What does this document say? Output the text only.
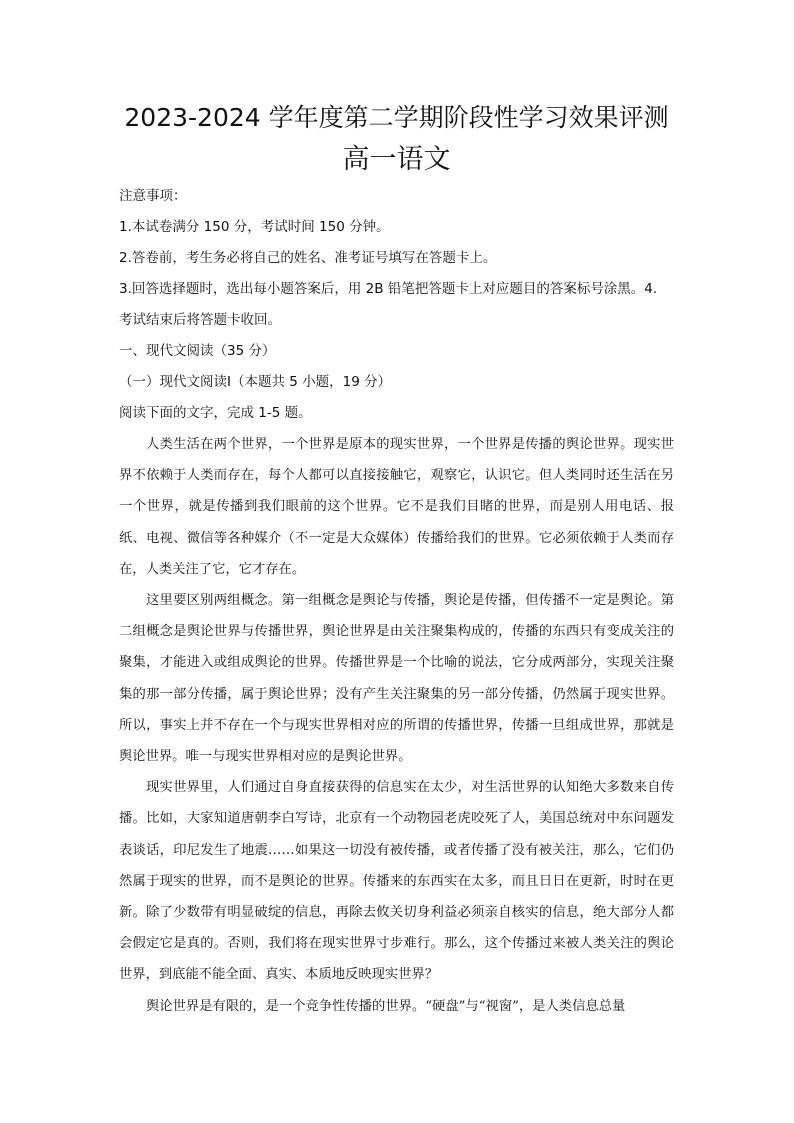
2023-2024 学年度第二学期阶段性学习效果评测
高一语文

注意事项：

1.本试卷满分 150 分，考试时间 150 分钟。

2.答卷前，考生务必将自己的姓名、准考证号填写在答题卡上。

3.回答选择题时，选出每小题答案后，用 2B 铅笔把答题卡上对应题目的答案标号涂黑。4.

考试结束后将答题卡收回。

一、现代文阅读（35 分）

（一）现代文阅读Ⅰ（本题共 5 小题，19 分）

阅读下面的文字，完成 1-5 题。

人类生活在两个世界，一个世界是原本的现实世界，一个世界是传播的舆论世界。现实世界不依赖于人类而存在，每个人都可以直接接触它，观察它，认识它。但人类同时还生活在另一个世界，就是传播到我们眼前的这个世界。它不是我们目睹的世界，而是别人用电话、报纸、电视、微信等各种媒介（不一定是大众媒体）传播给我们的世界。它必须依赖于人类而存在，人类关注了它，它才存在。

这里要区别两组概念。第一组概念是舆论与传播，舆论是传播，但传播不一定是舆论。第二组概念是舆论世界与传播世界，舆论世界是由关注聚集构成的，传播的东西只有变成关注的聚集，才能进入或组成舆论的世界。传播世界是一个比喻的说法，它分成两部分，实现关注聚集的那一部分传播，属于舆论世界；没有产生关注聚集的另一部分传播，仍然属于现实世界。所以，事实上并不存在一个与现实世界相对应的所谓的传播世界，传播一旦组成世界，那就是舆论世界。唯一与现实世界相对应的是舆论世界。

现实世界里，人们通过自身直接获得的信息实在太少，对生活世界的认知绝大多数来自传播。比如，大家知道唐朝李白写诗，北京有一个动物园老虎咬死了人，美国总统对中东问题发表谈话，印尼发生了地震……如果这一切没有被传播，或者传播了没有被关注，那么，它们仍然属于现实的世界，而不是舆论的世界。传播来的东西实在太多，而且日日在更新，时时在更新。除了少数带有明显破绽的信息，再除去攸关切身利益必须亲自核实的信息，绝大部分人都会假定它是真的。否则，我们将在现实世界寸步难行。那么，这个传播过来被人类关注的舆论世界，到底能不能全面、真实、本质地反映现实世界？

舆论世界是有限的，是一个竞争性传播的世界。“硬盘”与“视窗”，是人类信息总量
